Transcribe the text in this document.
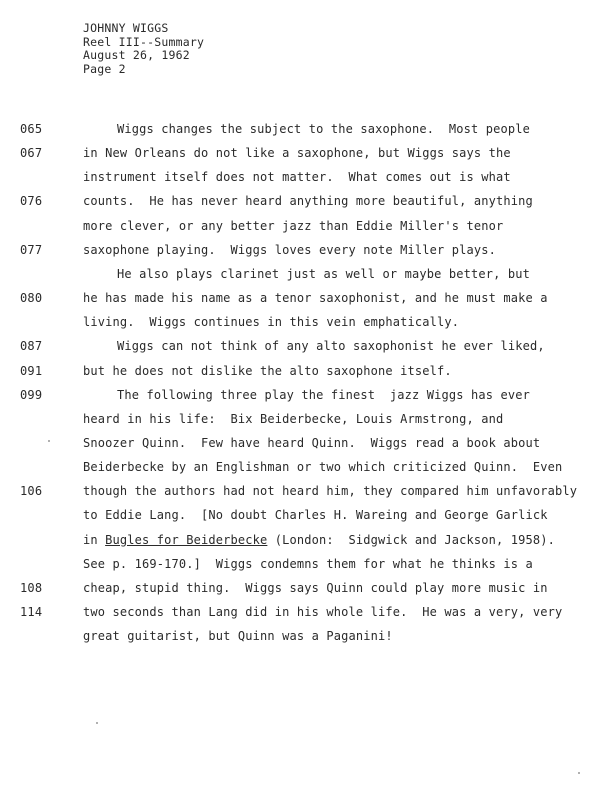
JOHNNY WIGGS
Reel III--Summary
August 26, 1962
Page 2
065	Wiggs changes the subject to the saxophone.  Most people
067	in New Orleans do not like a saxophone, but Wiggs says the
instrument itself does not matter.  What comes out is what
076	counts.  He has never heard anything more beautiful, anything
more clever, or any better jazz than Eddie Miller's tenor
077	saxophone playing.  Wiggs loves every note Miller plays.
He also plays clarinet just as well or maybe better, but
080	he has made his name as a tenor saxophonist, and he must make a
living.  Wiggs continues in this vein emphatically.
087	Wiggs can not think of any alto saxophonist he ever liked,
091	but he does not dislike the alto saxophone itself.
099	The following three play the finest  jazz Wiggs has ever
heard in his life:  Bix Beiderbecke, Louis Armstrong, and
Snoozer Quinn.  Few have heard Quinn.  Wiggs read a book about
Beiderbecke by an Englishman or two which criticized Quinn.  Even
106	though the authors had not heard him, they compared him unfavorably
to Eddie Lang.  [No doubt Charles H. Wareing and George Garlick
in Bugles for Beiderbecke (London:  Sidgwick and Jackson, 1958).
See p. 169-170.]  Wiggs condemns them for what he thinks is a
108	cheap, stupid thing.  Wiggs says Quinn could play more music in
114	two seconds than Lang did in his whole life.  He was a very, very
great guitarist, but Quinn was a Paganini!
